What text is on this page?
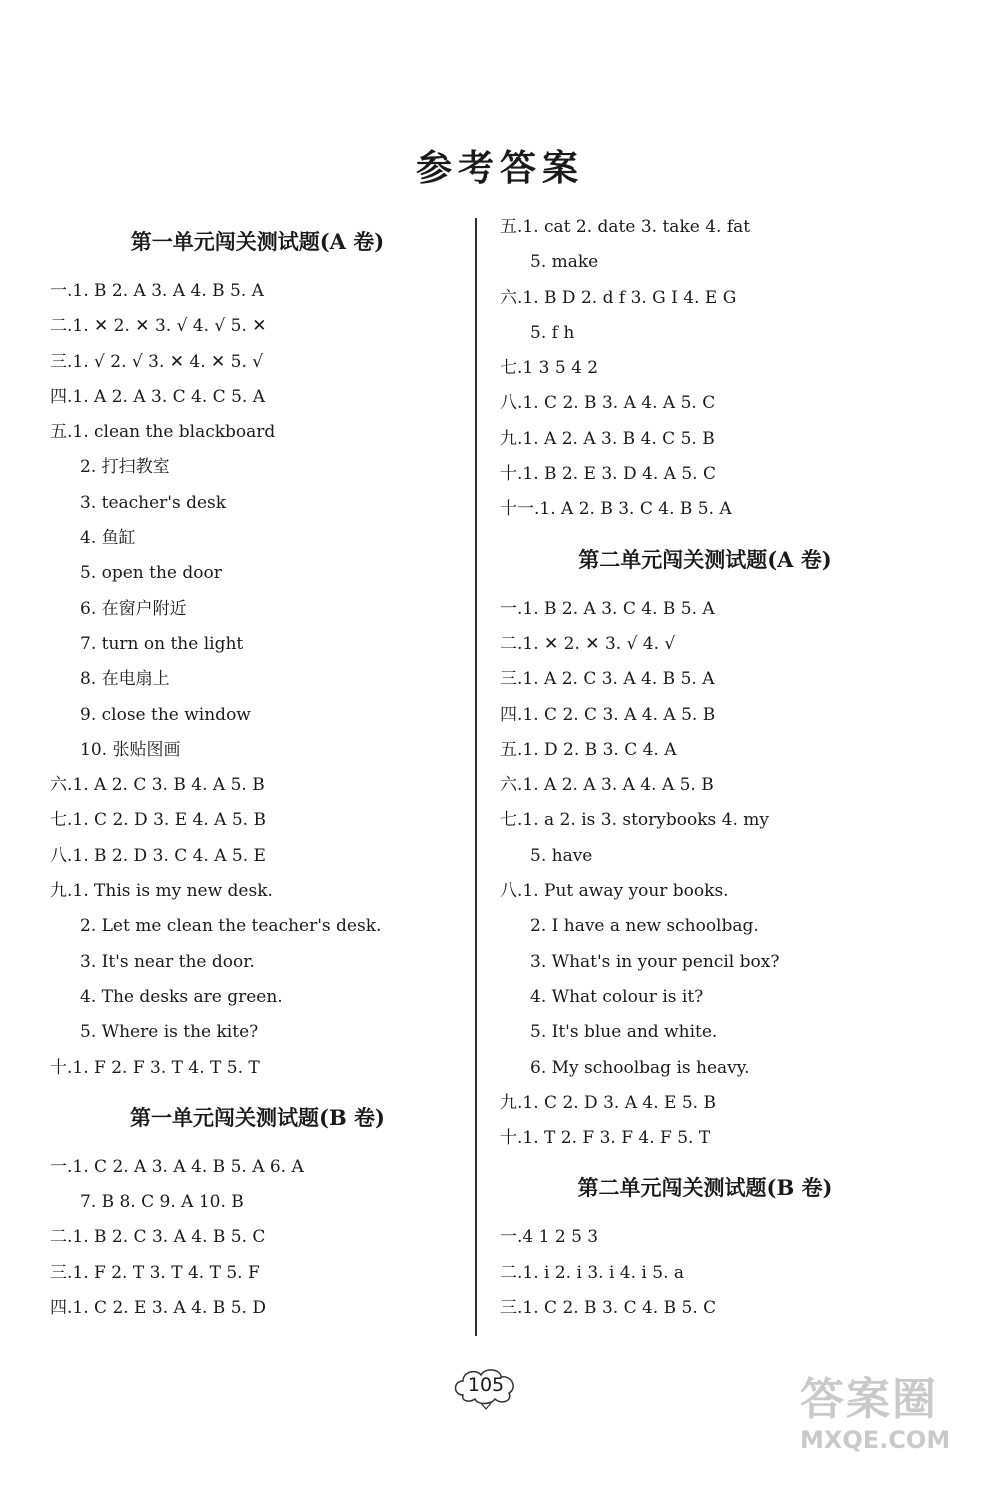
参考答案
第一单元闯关测试题(A 卷)
一.1. B 2. A 3. A 4. B 5. A
二.1. ✕ 2. ✕ 3. √ 4. √ 5. ✕
三.1. √ 2. √ 3. ✕ 4. ✕ 5. √
四.1. A 2. A 3. C 4. C 5. A
五.1. clean the blackboard
2. 打扫教室
3. teacher's desk
4. 鱼缸
5. open the door
6. 在窗户附近
7. turn on the light
8. 在电扇上
9. close the window
10. 张贴图画
六.1. A 2. C 3. B 4. A 5. B
七.1. C 2. D 3. E 4. A 5. B
八.1. B 2. D 3. C 4. A 5. E
九.1. This is my new desk.
2. Let me clean the teacher's desk.
3. It's near the door.
4. The desks are green.
5. Where is the kite?
十.1. F 2. F 3. T 4. T 5. T
第一单元闯关测试题(B 卷)
一.1. C 2. A 3. A 4. B 5. A 6. A
7. B 8. C 9. A 10. B
二.1. B 2. C 3. A 4. B 5. C
三.1. F 2. T 3. T 4. T 5. F
四.1. C 2. E 3. A 4. B 5. D
五.1. cat 2. date 3. take 4. fat
5. make
六.1. B D 2. d f 3. G I 4. E G
5. f h
七.1 3 5 4 2
八.1. C 2. B 3. A 4. A 5. C
九.1. A 2. A 3. B 4. C 5. B
十.1. B 2. E 3. D 4. A 5. C
十一.1. A 2. B 3. C 4. B 5. A
第二单元闯关测试题(A 卷)
一.1. B 2. A 3. C 4. B 5. A
二.1. ✕ 2. ✕ 3. √ 4. √
三.1. A 2. C 3. A 4. B 5. A
四.1. C 2. C 3. A 4. A 5. B
五.1. D 2. B 3. C 4. A
六.1. A 2. A 3. A 4. A 5. B
七.1. a 2. is 3. storybooks 4. my
5. have
八.1. Put away your books.
2. I have a new schoolbag.
3. What's in your pencil box?
4. What colour is it?
5. It's blue and white.
6. My schoolbag is heavy.
九.1. C 2. D 3. A 4. E 5. B
十.1. T 2. F 3. F 4. F 5. T
第二单元闯关测试题(B 卷)
一.4 1 2 5 3
二.1. i 2. i 3. i 4. i 5. a
三.1. C 2. B 3. C 4. B 5. C
105	答案圈
MXQE.COM
